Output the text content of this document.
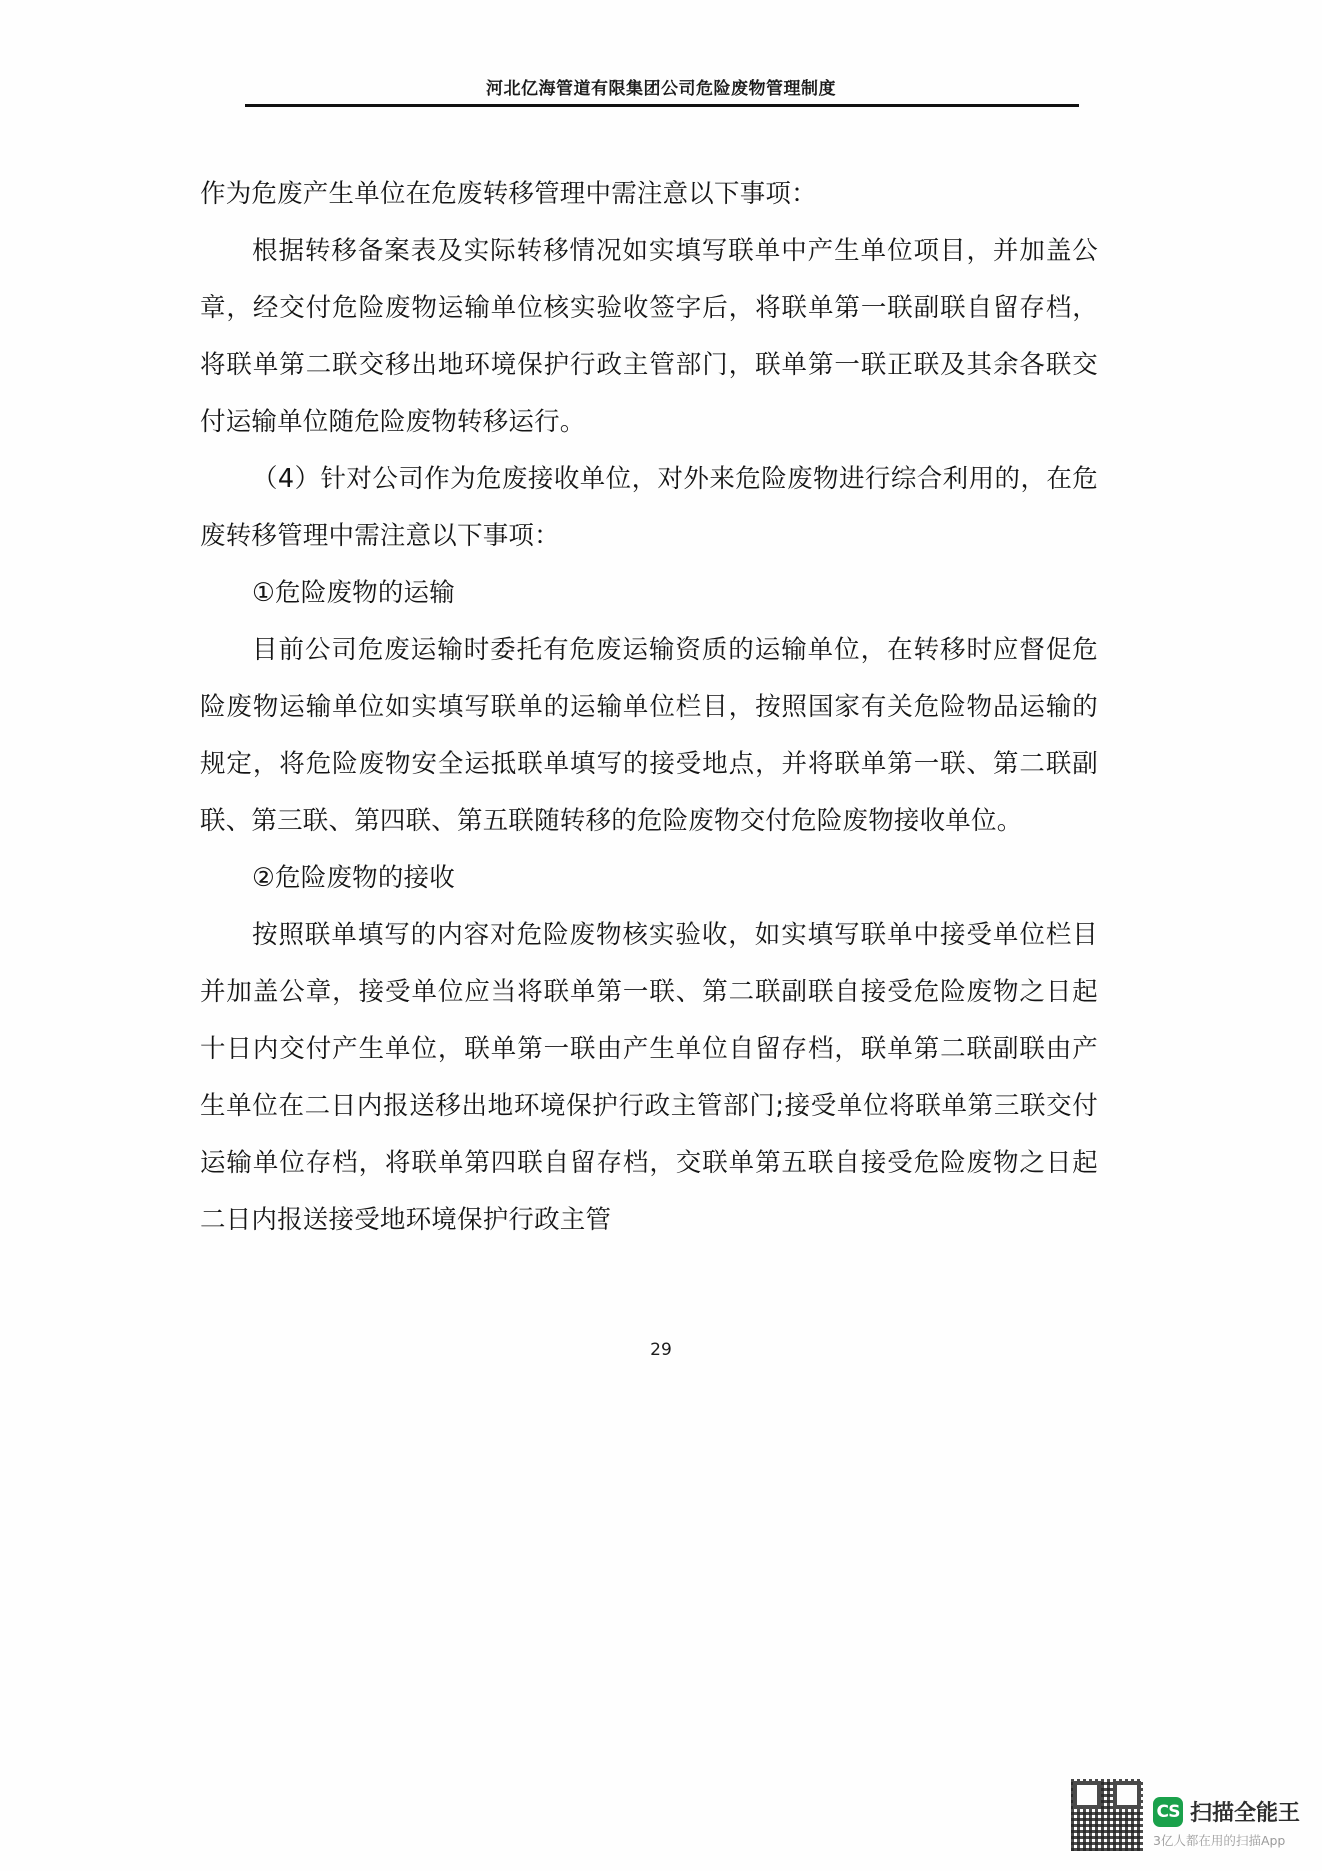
河北亿海管道有限集团公司危险废物管理制度

作为危废产生单位在危废转移管理中需注意以下事项：

根据转移备案表及实际转移情况如实填写联单中产生单位项目，并加盖公章，经交付危险废物运输单位核实验收签字后，将联单第一联副联自留存档，将联单第二联交移出地环境保护行政主管部门，联单第一联正联及其余各联交付运输单位随危险废物转移运行。

（4）针对公司作为危废接收单位，对外来危险废物进行综合利用的，在危废转移管理中需注意以下事项：

①危险废物的运输

目前公司危废运输时委托有危废运输资质的运输单位，在转移时应督促危险废物运输单位如实填写联单的运输单位栏目，按照国家有关危险物品运输的规定，将危险废物安全运抵联单填写的接受地点，并将联单第一联、第二联副联、第三联、第四联、第五联随转移的危险废物交付危险废物接收单位。

②危险废物的接收

按照联单填写的内容对危险废物核实验收，如实填写联单中接受单位栏目并加盖公章，接受单位应当将联单第一联、第二联副联自接受危险废物之日起十日内交付产生单位，联单第一联由产生单位自留存档，联单第二联副联由产生单位在二日内报送移出地环境保护行政主管部门;接受单位将联单第三联交付运输单位存档，将联单第四联自留存档，交联单第五联自接受危险废物之日起二日内报送接受地环境保护行政主管

29
CS 扫描全能王
3亿人都在用的扫描App
